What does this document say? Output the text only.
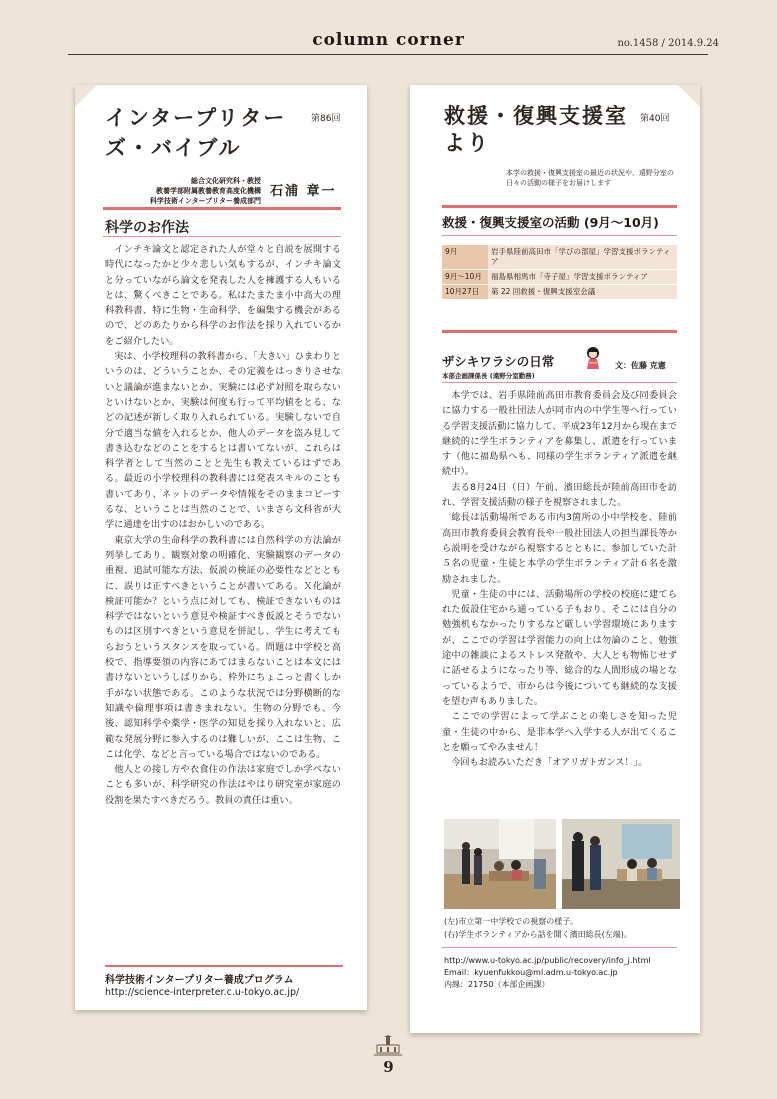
column corner	no.1458 / 2014.9.24
インタープリターズ・バイブル
第86回
総合文化研究科・教授
教養学部附属教養教育高度化機構
科学技術インタープリター養成部門
石浦 章一
科学のお作法

インチキ論文と認定された人が堂々と自説を展開する時代になったかと少々悲しい気もするが、インチキ論文と分っていながら論文を発表した人を擁護する人もいるとは、驚くべきことである。私はたまたま小中高大の理科教科書、特に生物・生命科学、を編集する機会があるので、どのあたりから科学のお作法を採り入れているかをご紹介したい。

実は、小学校理科の教科書から、「大きい」ひまわりというのは、どういうことか、その定義をはっきりさせないと議論が進まないとか、実験には必ず対照を取らないといけないとか、実験は何度も行って平均値をとる、などの記述が新しく取り入れられている。実験しないで自分で適当な値を入れるとか、他人のデータを盗み見して書き込むなどのことをするとは書いてないが、これらは科学者として当然のことと先生も教えているはずである。最近の小学校理科の教科書には発表スキルのことも書いてあり、ネットのデータや情報をそのままコピーするな、ということは当然のことで、いまさら文科省が大学に通達を出すのはおかしいのである。

東京大学の生命科学の教科書には自然科学の方法論が列挙してあり、観察対象の明確化、実験観察のデータの重視、追試可能な方法、仮説の検証の必要性などとともに、誤りは正すべきということが書いてある。Ｘ化論が検証可能か？という点に対しても、検証できないものは科学ではないという意見や検証すべき仮説とそうでないものは区別すべきという意見を併記し、学生に考えてもらおうというスタンスを取っている。問題は中学校と高校で、指導要領の内容にあてはまらないことは本文には書けないというしばりから、枠外にちょこっと書くしか手がない状態である。このような状況では分野横断的な知識や倫理事項は書きまれない。生物の分野でも、今後、認知科学や薬学・医学の知見を採り入れないと、広範な発展分野に参入するのは難しいが、ここは生物、ここは化学、などと言っている場合ではないのである。

他人との接し方や衣食住の作法は家庭でしか学べないことも多いが、科学研究の作法はやはり研究室が家庭の役割を果たすべきだろう。教員の責任は重い。

科学技術インタープリター養成プログラム
http://science-interpreter.c.u-tokyo.ac.jp/
救援・復興支援室より
第40回
本学の救援・復興支援室の最近の状況や、遠野分室の日々の活動の様子をお届けします
救援・復興支援室の活動 (9月～10月)
9月	岩手県陸前高田市「学びの部屋」学習支援ボランティア
9月～10月	福島県相馬市「寺子屋」学習支援ボランティア
10月27日	第 22 回救援・復興支援室会議
ザシキワラシの日常	文：佐藤 克憲
本部企画課係長 (遠野分室勤務)

本学では、岩手県陸前高田市教育委員会及び同委員会に協力する一般社団法人が同市内の中学生等へ行っている学習支援活動に協力して、平成23年12月から現在まで継続的に学生ボランティアを募集し、派遣を行っています（他に福島県へも、同様の学生ボランティア派遣を継続中）。

去る8月24日（日）午前、濱田総長が陸前高田市を訪れ、学習支援活動の様子を視察されました。

総長は活動場所である市内3箇所の小中学校を、陸前高田市教育委員会教育長や一般社団法人の担当課長等から説明を受けながら視察するとともに、参加していた計５名の児童・生徒と本学の学生ボランティア計６名を激励されました。

児童・生徒の中には、活動場所の学校の校庭に建てられた仮設住宅から通っている子もおり、そこには自分の勉強机もなかったりするなど厳しい学習環境にありますが、ここでの学習は学習能力の向上は勿論のこと、勉強途中の雑談によるストレス発散や、大人とも物怖じせずに話せるようになったり等、総合的な人間形成の場となっているようで、市からは今後についても継続的な支援を望む声もありました。

ここでの学習によって学ぶことの楽しさを知った児童・生徒の中から、是非本学へ入学する人が出てくることを願ってやみません！

今回もお読みいただき「オアリガトガンス！」。

(左)市立第一中学校での視察の様子。
(右)学生ボランティアから話を聞く濱田総長(左端)。
http://www.u-tokyo.ac.jp/public/recovery/info_j.html
Email：kyuenfukkou@ml.adm.u-tokyo.ac.jp
内線：21750（本部企画課）
9
